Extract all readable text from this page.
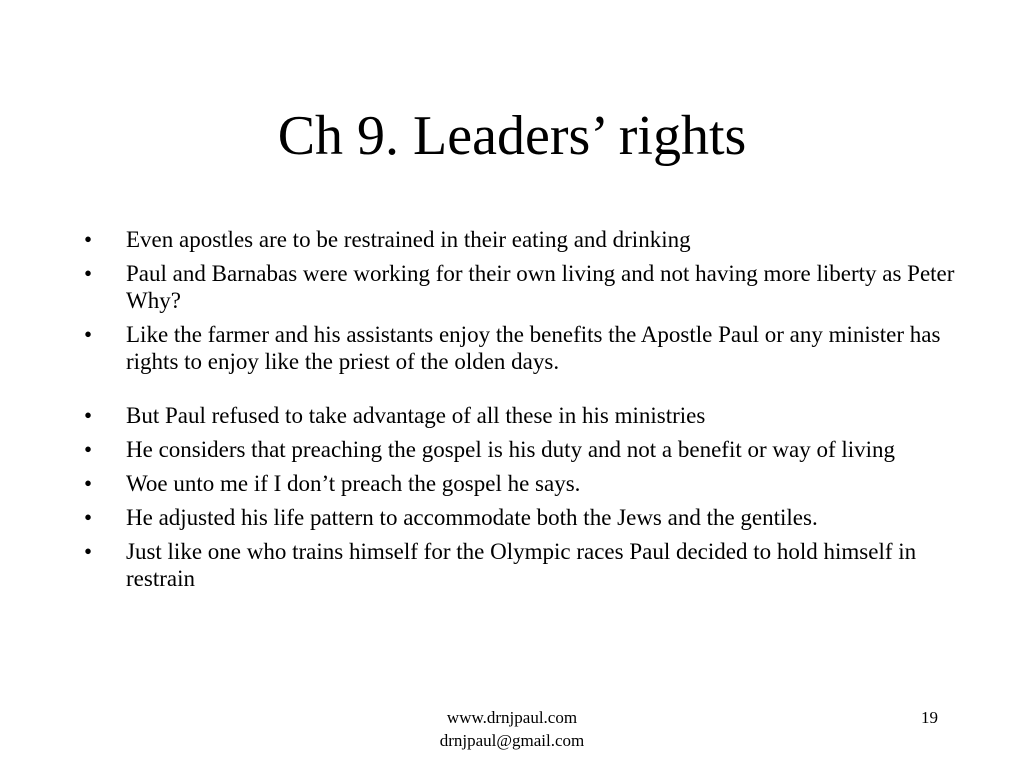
Ch 9. Leaders’ rights
•	Even apostles are to be restrained in their eating and drinking
•	Paul and Barnabas were working for their own living and not having more liberty as Peter Why?
•	Like the farmer and his assistants enjoy the benefits the Apostle Paul or any minister has rights to enjoy like the priest of the olden days.
•	But Paul refused to take advantage of all these in his ministries
•	He considers that preaching the gospel is his duty and not a benefit or way of living
•	Woe unto me if I don’t preach the gospel he says.
•	He adjusted his life pattern to accommodate both the Jews and the gentiles.
•	Just like one who trains himself for the Olympic races Paul decided to hold himself in restrain
www.drnjpaul.com
drnjpaul@gmail.com
19
